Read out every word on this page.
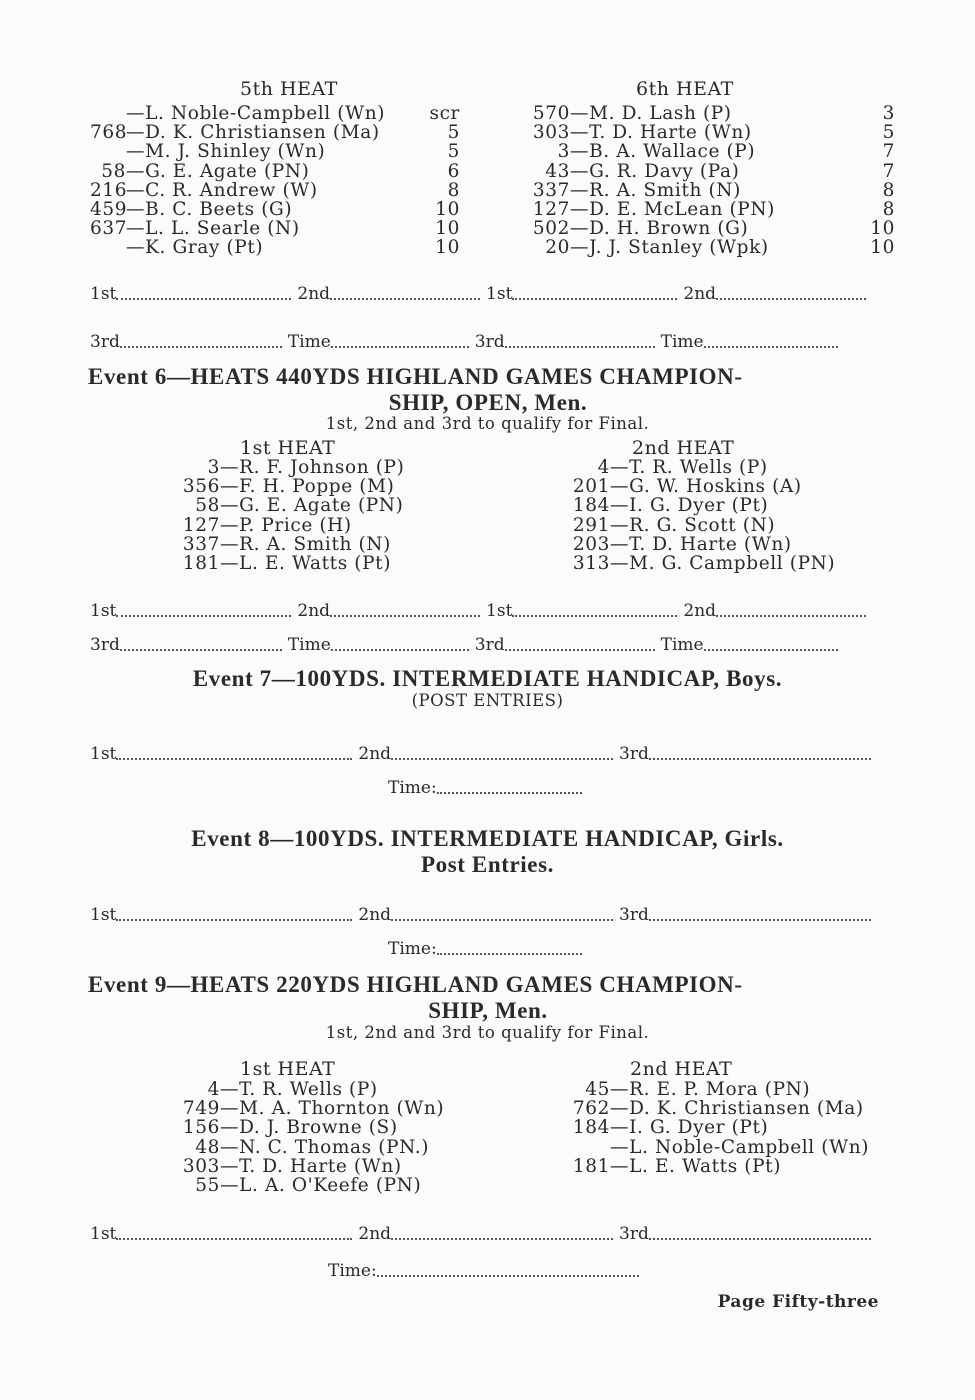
5th HEAT
—L. Noble-Campbell (Wn)	scr
768—D. K. Christiansen (Ma)	5
—M. J. Shinley (Wn)	5
58—G. E. Agate (PN)	6
216—C. R. Andrew (W)	8
459—B. C. Beets (G)	10
637—L. L. Searle (N)	10
—K. Gray (Pt)	10
6th HEAT
570—M. D. Lash (P)	3
303—T. D. Harte (Wn)	5
3—B. A. Wallace (P)	7
43—G. R. Davy (Pa)	7
337—R. A. Smith (N)	8
127—D. E. McLean (PN)	8
502—D. H. Brown (G)	10
20—J. J. Stanley (Wpk)	10
1st	2nd	1st	2nd
3rd	Time	3rd	Time
Event 6—HEATS 440YDS HIGHLAND GAMES CHAMPION-
SHIP, OPEN, Men.
1st, 2nd and 3rd to qualify for Final.
1st HEAT
3—R. F. Johnson (P)
356—F. H. Poppe (M)
58—G. E. Agate (PN)
127—P. Price (H)
337—R. A. Smith (N)
181—L. E. Watts (Pt)
2nd HEAT
4—T. R. Wells (P)
201—G. W. Hoskins (A)
184—I. G. Dyer (Pt)
291—R. G. Scott (N)
203—T. D. Harte (Wn)
313—M. G. Campbell (PN)
1st	2nd	1st	2nd
3rd	Time	3rd	Time
Event 7—100YDS. INTERMEDIATE HANDICAP, Boys.
(POST ENTRIES)
1st	2nd	3rd
Time:
Event 8—100YDS. INTERMEDIATE HANDICAP, Girls.
Post Entries.
1st	2nd	3rd
Time:
Event 9—HEATS 220YDS HIGHLAND GAMES CHAMPION-
SHIP, Men.
1st, 2nd and 3rd to qualify for Final.
1st HEAT
4—T. R. Wells (P)
749—M. A. Thornton (Wn)
156—D. J. Browne (S)
48—N. C. Thomas (PN.)
303—T. D. Harte (Wn)
55—L. A. O'Keefe (PN)
2nd HEAT
45—R. E. P. Mora (PN)
762—D. K. Christiansen (Ma)
184—I. G. Dyer (Pt)
—L. Noble-Campbell (Wn)
181—L. E. Watts (Pt)
1st	2nd	3rd
Time:
Page Fifty-three
